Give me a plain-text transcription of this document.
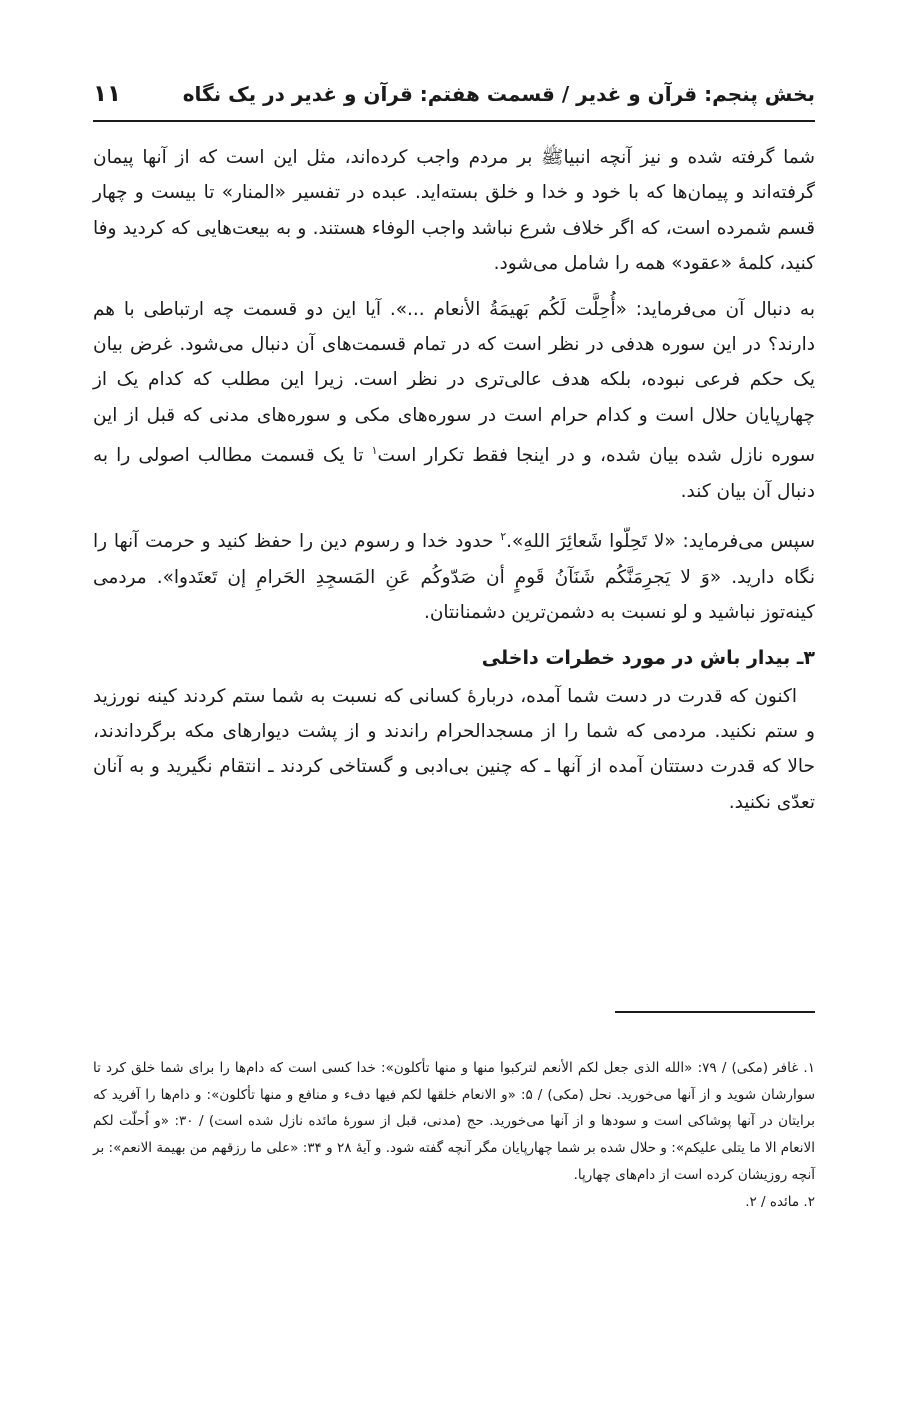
بخش پنجم: قرآن و غدیر / قسمت هفتم: قرآن و غدیر در یک نگاه
۱۱

شما گرفته شده و نیز آنچه انبیاﷺ بر مردم واجب کرده‌اند، مثل این است که از آنها پیمان گرفته‌اند و پیمان‌ها که با خود و خدا و خلق بسته‌اید. عبده در تفسیر «المنار» تا بیست و چهار قسم شمرده است، که اگر خلاف شرع نباشد واجب الوفاء هستند. و به بیعت‌هایی که کردید وفا کنید، کلمهٔ «عقود» همه را شامل می‌شود.

به دنبال آن می‌فرماید: «أُحِلَّت لَکُم بَهیمَةُ الأنعام ...». آیا این دو قسمت چه ارتباطی با هم دارند؟ در این سوره هدفی در نظر است که در تمام قسمت‌های آن دنبال می‌شود. غرض بیان یک حکم فرعی نبوده، بلکه هدف عالی‌تری در نظر است. زیرا این مطلب که کدام یک از چهارپایان حلال است و کدام حرام است در سوره‌های مکی و سوره‌های مدنی که قبل از این سوره نازل شده بیان شده، و در اینجا فقط تکرار است$^۱$ تا یک قسمت مطالب اصولی را به دنبال آن بیان کند.

سپس می‌فرماید: «لا تَحِلّوا شَعائِرَ اللهِ».$^۲$ حدود خدا و رسوم دین را حفظ کنید و حرمت آنها را نگاه دارید. «وَ لا یَجرِمَنَّکُم شَنَآنُ قَومٍ أن صَدّوکُم عَنِ المَسجِدِ الحَرامِ إن تَعتَدوا». مردمی کینه‌توز نباشید و لو نسبت به دشمن‌ترین دشمنانتان.

۳ـ بیدار باش در مورد خطرات داخلی

اکنون که قدرت در دست شما آمده، دربارهٔ کسانی که نسبت به شما ستم کردند کینه نورزید و ستم نکنید. مردمی که شما را از مسجدالحرام راندند و از پشت دیوارهای مکه برگرداندند، حالا که قدرت دستتان آمده از آنها ـ که چنین بی‌ادبی و گستاخی کردند ـ انتقام نگیرید و به آنان تعدّی نکنید.

۱. غافر (مکی) / ۷۹: «الله الذی جعل لکم الأنعم لترکبوا منها و منها تأکلون»: خدا کسی است که دام‌ها را برای شما خلق کرد تا سوارشان شوید و از آنها می‌خورید. نحل (مکی) / ۵: «و الانعام خلقها لکم فیها دفء و منافع و منها تأکلون»: و دام‌ها را آفرید که برایتان در آنها پوشاکی است و سودها و از آنها می‌خورید. حج (مدنی، قبل از سورهٔ مائده نازل شده است) / ۳۰: «و اُحلّت لکم الانعام الا ما یتلی علیکم»: و حلال شده بر شما چهارپایان مگر آنچه گفته شود. و آیهٔ ۲۸ و ۳۴: «علی ما رزقهم من بهیمة الانعم»: بر آنچه روزیشان کرده است از دام‌های چهارپا.

۲. مائده / ۲.
